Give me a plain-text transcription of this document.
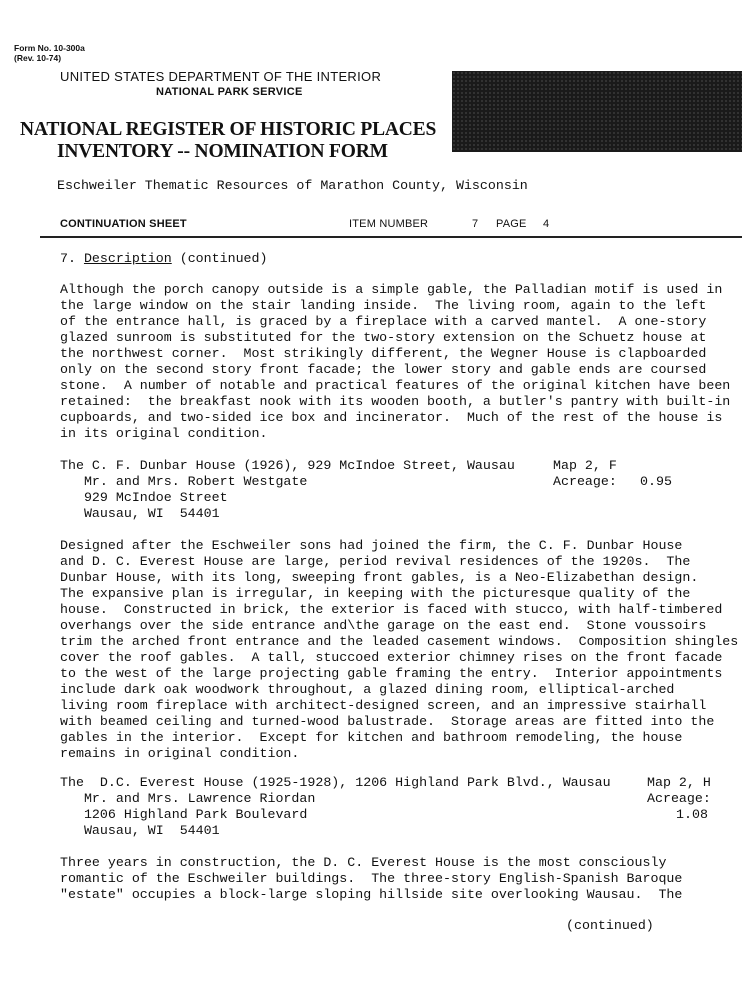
Form No. 10-300a
(Rev. 10-74)
UNITED STATES DEPARTMENT OF THE INTERIOR
NATIONAL PARK SERVICE
NATIONAL REGISTER OF HISTORIC PLACES
INVENTORY -- NOMINATION FORM
Eschweiler Thematic Resources of Marathon County, Wisconsin
CONTINUATION SHEET	ITEM NUMBER	7 PAGE 4
7. Description (continued)
Although the porch canopy outside is a simple gable, the Palladian motif is used in
the large window on the stair landing inside.  The living room, again to the left
of the entrance hall, is graced by a fireplace with a carved mantel.  A one-story
glazed sunroom is substituted for the two-story extension on the Schuetz house at
the northwest corner.  Most strikingly different, the Wegner House is clapboarded
only on the second story front facade; the lower story and gable ends are coursed
stone.  A number of notable and practical features of the original kitchen have been
retained:  the breakfast nook with its wooden booth, a butler's pantry with built-in
cupboards, and two-sided ice box and incinerator.  Much of the rest of the house is
in its original condition.
The C. F. Dunbar House (1926), 929 McIndoe Street, Wausau
Mr. and Mrs. Robert Westgate
929 McIndoe Street
Wausau, WI  54401
Map 2, F
Acreage: 0.95
Designed after the Eschweiler sons had joined the firm, the C. F. Dunbar House
and D. C. Everest House are large, period revival residences of the 1920s.  The
Dunbar House, with its long, sweeping front gables, is a Neo-Elizabethan design.
The expansive plan is irregular, in keeping with the picturesque quality of the
house.  Constructed in brick, the exterior is faced with stucco, with half-timbered
overhangs over the side entrance and\the garage on the east end.  Stone voussoirs
trim the arched front entrance and the leaded casement windows.  Composition shingles
cover the roof gables.  A tall, stuccoed exterior chimney rises on the front facade
to the west of the large projecting gable framing the entry.  Interior appointments
include dark oak woodwork throughout, a glazed dining room, elliptical-arched
living room fireplace with architect-designed screen, and an impressive stairhall
with beamed ceiling and turned-wood balustrade.  Storage areas are fitted into the
gables in the interior.  Except for kitchen and bathroom remodeling, the house
remains in original condition.
The  D.C. Everest House (1925-1928), 1206 Highland Park Blvd., Wausau
Mr. and Mrs. Lawrence Riordan
1206 Highland Park Boulevard
Wausau, WI  54401
Map 2, H
Acreage:
1.08
Three years in construction, the D. C. Everest House is the most consciously
romantic of the Eschweiler buildings.  The three-story English-Spanish Baroque
"estate" occupies a block-large sloping hillside site overlooking Wausau.  The
(continued)
